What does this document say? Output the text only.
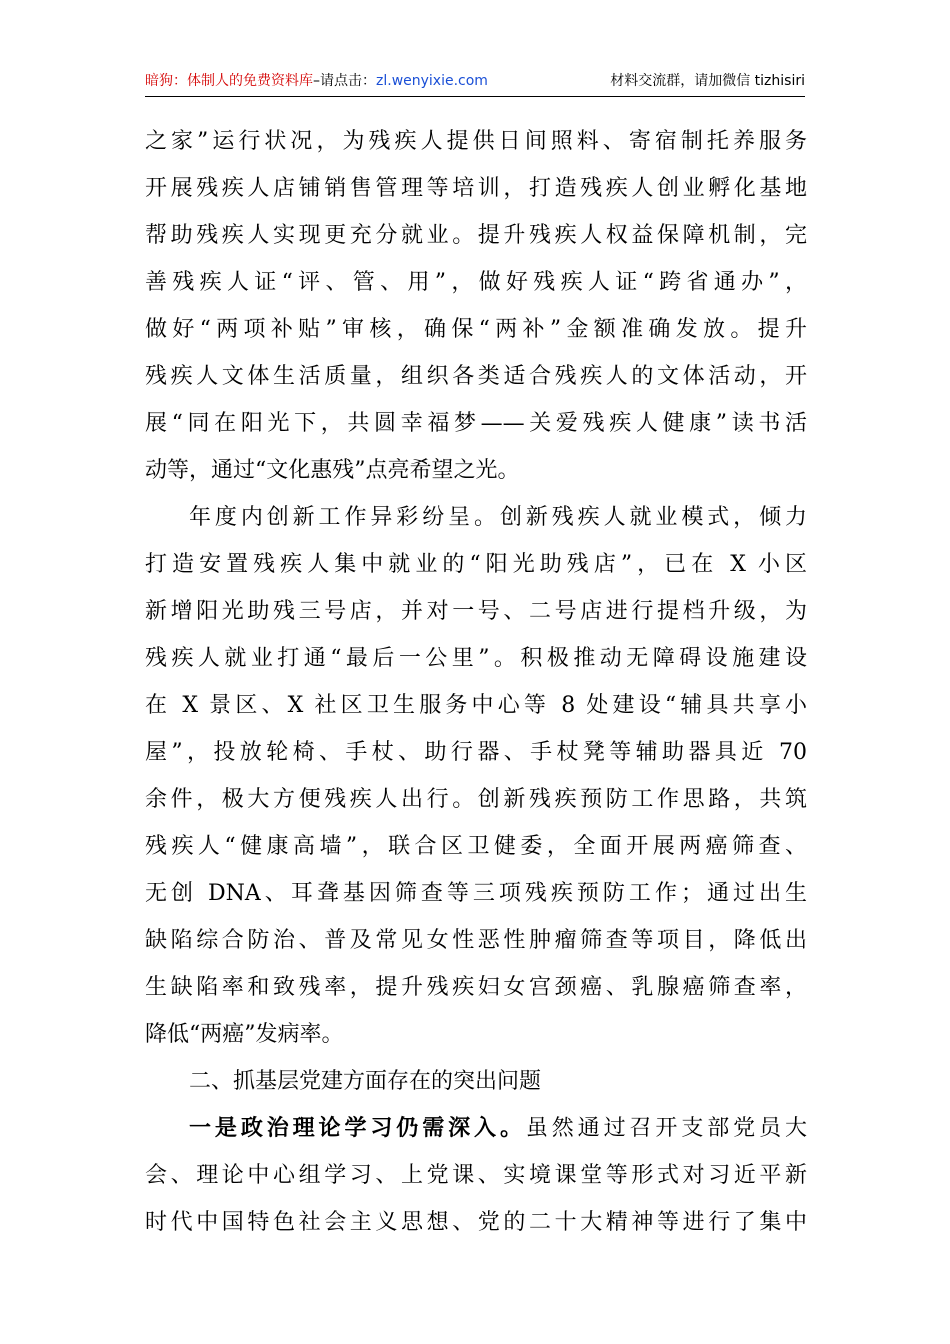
暗狗：体制人的免费资料库–请点击：zl.wenyixie.com	材料交流群，请加微信 tizhisiri
之家”运行状况，为残疾人提供日间照料、寄宿制托养服务
开展残疾人店铺销售管理等培训，打造残疾人创业孵化基地
帮助残疾人实现更充分就业。提升残疾人权益保障机制，完
善残疾人证“评、管、用”，做好残疾人证“跨省通办”，
做好“两项补贴”审核，确保“两补”金额准确发放。提升
残疾人文体生活质量，组织各类适合残疾人的文体活动，开
展“同在阳光下，共圆幸福梦——关爱残疾人健康”读书活
动等，通过“文化惠残”点亮希望之光。
年度内创新工作异彩纷呈。创新残疾人就业模式，倾力
打造安置残疾人集中就业的“阳光助残店”，已在 X 小区
新增阳光助残三号店，并对一号、二号店进行提档升级，为
残疾人就业打通“最后一公里”。积极推动无障碍设施建设
在 X 景区、X 社区卫生服务中心等 8 处建设“辅具共享小
屋”，投放轮椅、手杖、助行器、手杖凳等辅助器具近 70
余件，极大方便残疾人出行。创新残疾预防工作思路，共筑
残疾人“健康高墙”，联合区卫健委，全面开展两癌筛查、
无创 DNA、耳聋基因筛查等三项残疾预防工作；通过出生
缺陷综合防治、普及常见女性恶性肿瘤筛查等项目，降低出
生缺陷率和致残率，提升残疾妇女宫颈癌、乳腺癌筛查率，
降低“两癌”发病率。
二、抓基层党建方面存在的突出问题
一是政治理论学习仍需深入。虽然通过召开支部党员大
会、理论中心组学习、上党课、实境课堂等形式对习近平新
时代中国特色社会主义思想、党的二十大精神等进行了集中
